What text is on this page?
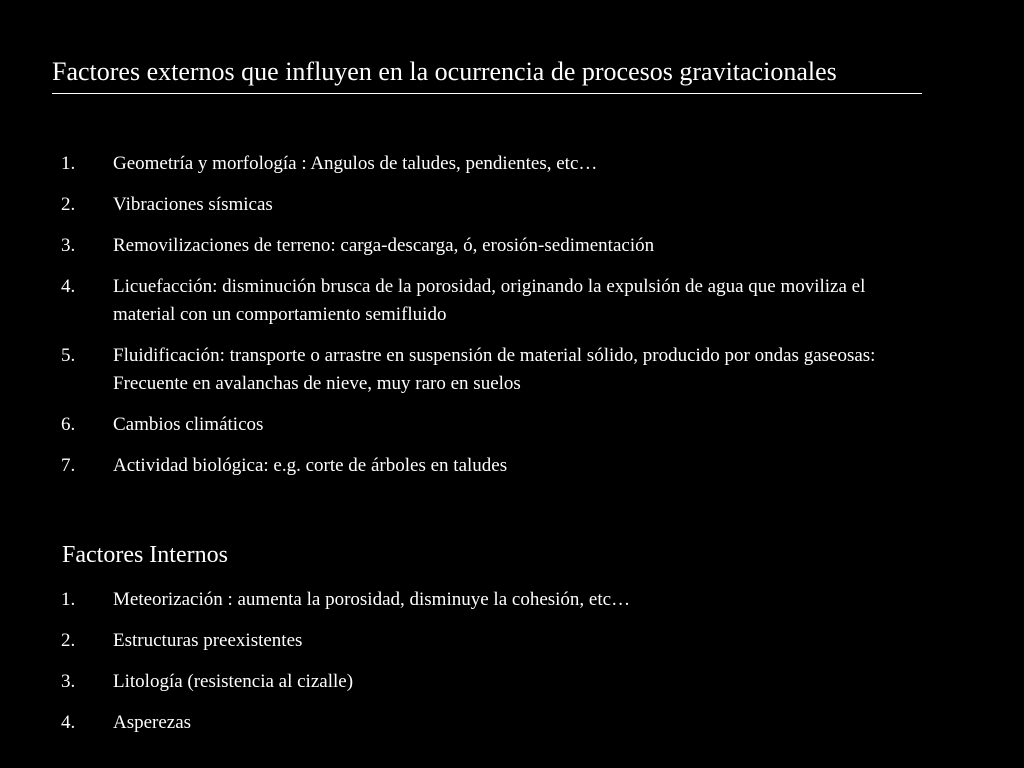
Factores externos que influyen en la ocurrencia de procesos gravitacionales
1. Geometría y morfología : Angulos de taludes, pendientes, etc…
2. Vibraciones sísmicas
3. Removilizaciones de terreno: carga-descarga, ó, erosión-sedimentación
4. Licuefacción: disminución brusca de la porosidad, originando la expulsión de agua que moviliza el material con un comportamiento semifluido
5. Fluidificación: transporte o arrastre en suspensión de material sólido, producido por ondas gaseosas: Frecuente en avalanchas de nieve, muy raro en suelos
6. Cambios climáticos
7. Actividad biológica: e.g. corte de árboles en taludes
Factores Internos
1. Meteorización : aumenta la porosidad, disminuye la cohesión, etc…
2. Estructuras preexistentes
3. Litología (resistencia al cizalle)
4. Asperezas
